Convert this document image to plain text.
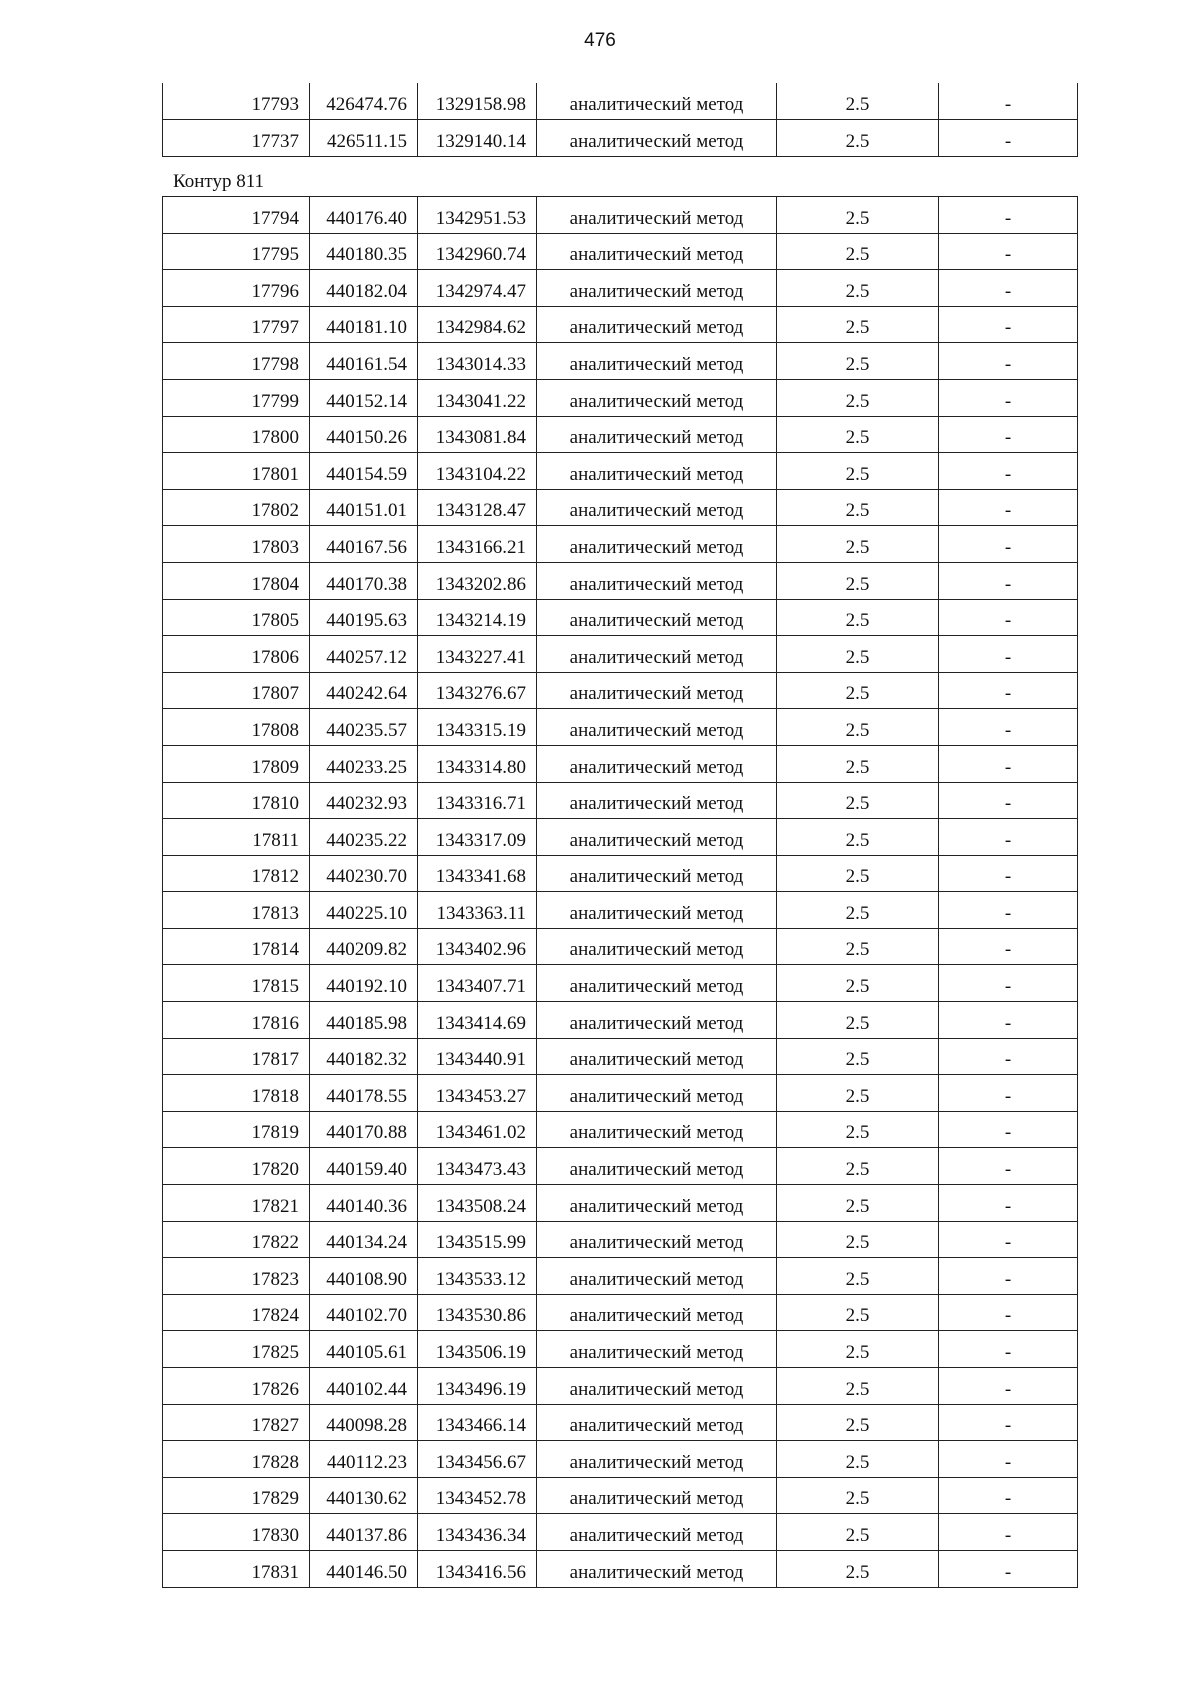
476
17793	426474.76	1329158.98	аналитический метод	2.5	-
17737	426511.15	1329140.14	аналитический метод	2.5	-
Контур 811
17794	440176.40	1342951.53	аналитический метод	2.5	-
17795	440180.35	1342960.74	аналитический метод	2.5	-
17796	440182.04	1342974.47	аналитический метод	2.5	-
17797	440181.10	1342984.62	аналитический метод	2.5	-
17798	440161.54	1343014.33	аналитический метод	2.5	-
17799	440152.14	1343041.22	аналитический метод	2.5	-
17800	440150.26	1343081.84	аналитический метод	2.5	-
17801	440154.59	1343104.22	аналитический метод	2.5	-
17802	440151.01	1343128.47	аналитический метод	2.5	-
17803	440167.56	1343166.21	аналитический метод	2.5	-
17804	440170.38	1343202.86	аналитический метод	2.5	-
17805	440195.63	1343214.19	аналитический метод	2.5	-
17806	440257.12	1343227.41	аналитический метод	2.5	-
17807	440242.64	1343276.67	аналитический метод	2.5	-
17808	440235.57	1343315.19	аналитический метод	2.5	-
17809	440233.25	1343314.80	аналитический метод	2.5	-
17810	440232.93	1343316.71	аналитический метод	2.5	-
17811	440235.22	1343317.09	аналитический метод	2.5	-
17812	440230.70	1343341.68	аналитический метод	2.5	-
17813	440225.10	1343363.11	аналитический метод	2.5	-
17814	440209.82	1343402.96	аналитический метод	2.5	-
17815	440192.10	1343407.71	аналитический метод	2.5	-
17816	440185.98	1343414.69	аналитический метод	2.5	-
17817	440182.32	1343440.91	аналитический метод	2.5	-
17818	440178.55	1343453.27	аналитический метод	2.5	-
17819	440170.88	1343461.02	аналитический метод	2.5	-
17820	440159.40	1343473.43	аналитический метод	2.5	-
17821	440140.36	1343508.24	аналитический метод	2.5	-
17822	440134.24	1343515.99	аналитический метод	2.5	-
17823	440108.90	1343533.12	аналитический метод	2.5	-
17824	440102.70	1343530.86	аналитический метод	2.5	-
17825	440105.61	1343506.19	аналитический метод	2.5	-
17826	440102.44	1343496.19	аналитический метод	2.5	-
17827	440098.28	1343466.14	аналитический метод	2.5	-
17828	440112.23	1343456.67	аналитический метод	2.5	-
17829	440130.62	1343452.78	аналитический метод	2.5	-
17830	440137.86	1343436.34	аналитический метод	2.5	-
17831	440146.50	1343416.56	аналитический метод	2.5	-
